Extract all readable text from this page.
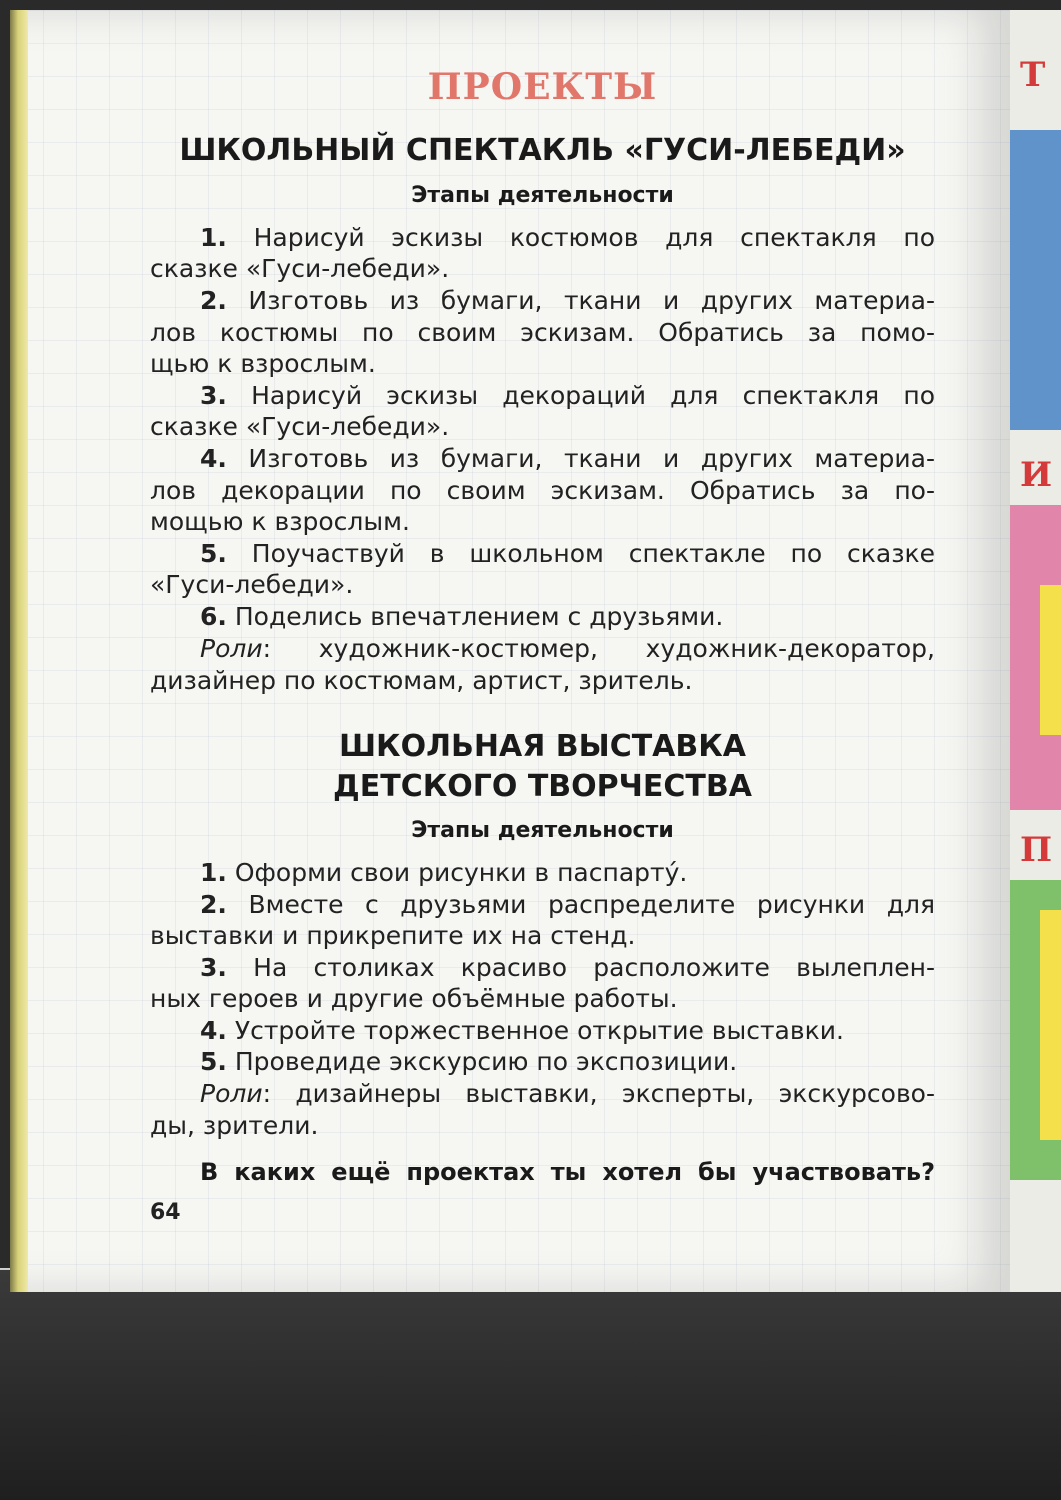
Т
И
П
ПРОЕКТЫ
ШКОЛЬНЫЙ СПЕКТАКЛЬ «ГУСИ-ЛЕБЕДИ»
Этапы деятельности
1. Нарисуй эскизы костюмов для спектакля по
сказке «Гуси-лебеди».
2. Изготовь из бумаги, ткани и других материа-
лов костюмы по своим эскизам. Обратись за помо-
щью к взрослым.
3. Нарисуй эскизы декораций для спектакля по
сказке «Гуси-лебеди».
4. Изготовь из бумаги, ткани и других материа-
лов декорации по своим эскизам. Обратись за по-
мощью к взрослым.
5. Поучаствуй в школьном спектакле по сказке
«Гуси-лебеди».
6. Поделись впечатлением с друзьями.
Роли: художник-костюмер, художник-декоратор,
дизайнер по костюмам, артист, зритель.
ШКОЛЬНАЯ ВЫСТАВКА
ДЕТСКОГО ТВОРЧЕСТВА
Этапы деятельности
1. Оформи свои рисунки в паспарту́.
2. Вместе с друзьями распределите рисунки для
выставки и прикрепите их на стенд.
3. На столиках красиво расположите вылеплен-
ных героев и другие объёмные работы.
4. Устройте торжественное открытие выставки.
5. Проведиде экскурсию по экспозиции.
Роли: дизайнеры выставки, эксперты, экскурсово-
ды, зрители.
В каких ещё проектах ты хотел бы участвовать?
64
